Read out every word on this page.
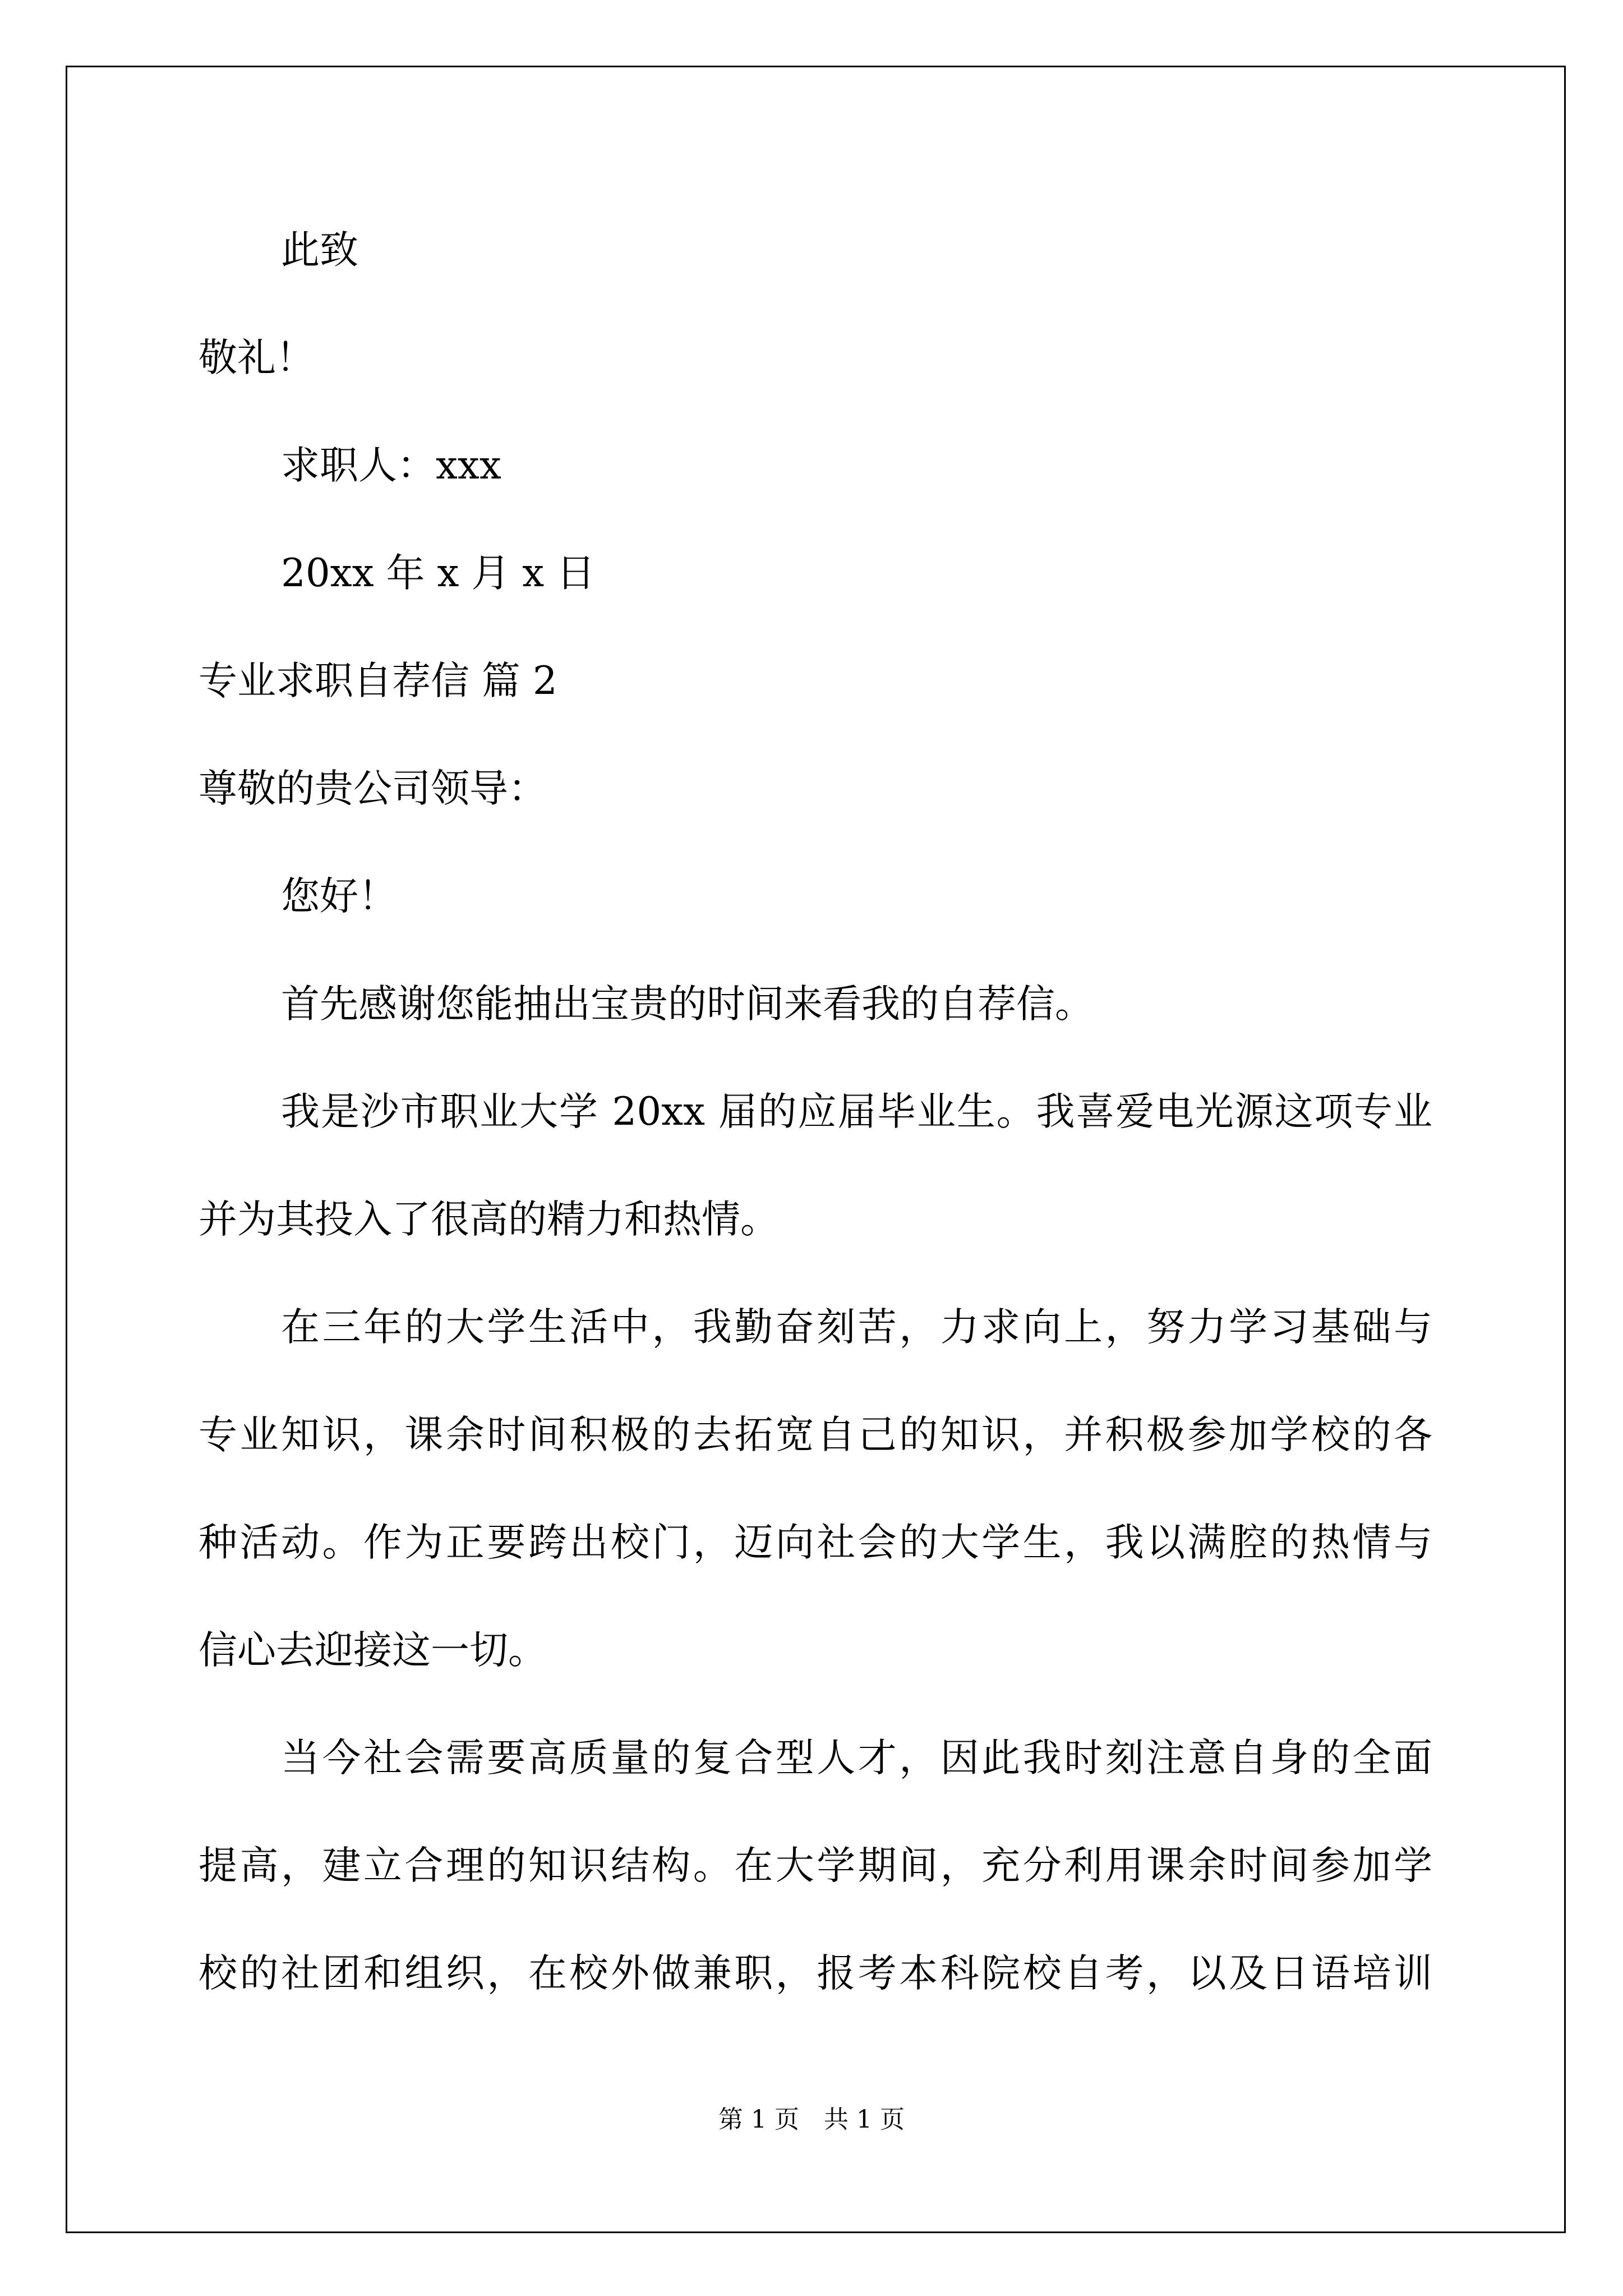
此致
敬礼！
求职人：xxx
20xx 年 x 月 x 日
专业求职自荐信 篇 2
尊敬的贵公司领导：
您好！
首先感谢您能抽出宝贵的时间来看我的自荐信。
我是沙市职业大学 20xx 届的应届毕业生。我喜爱电光源这项专业
并为其投入了很高的精力和热情。
在三年的大学生活中，我勤奋刻苦，力求向上，努力学习基础与
专业知识，课余时间积极的去拓宽自己的知识，并积极参加学校的各
种活动。作为正要跨出校门，迈向社会的大学生，我以满腔的热情与
信心去迎接这一切。
当今社会需要高质量的复合型人才，因此我时刻注意自身的全面
提高，建立合理的知识结构。在大学期间，充分利用课余时间参加学
校的社团和组织，在校外做兼职，报考本科院校自考，以及日语培训
第 1 页　共 1 页
